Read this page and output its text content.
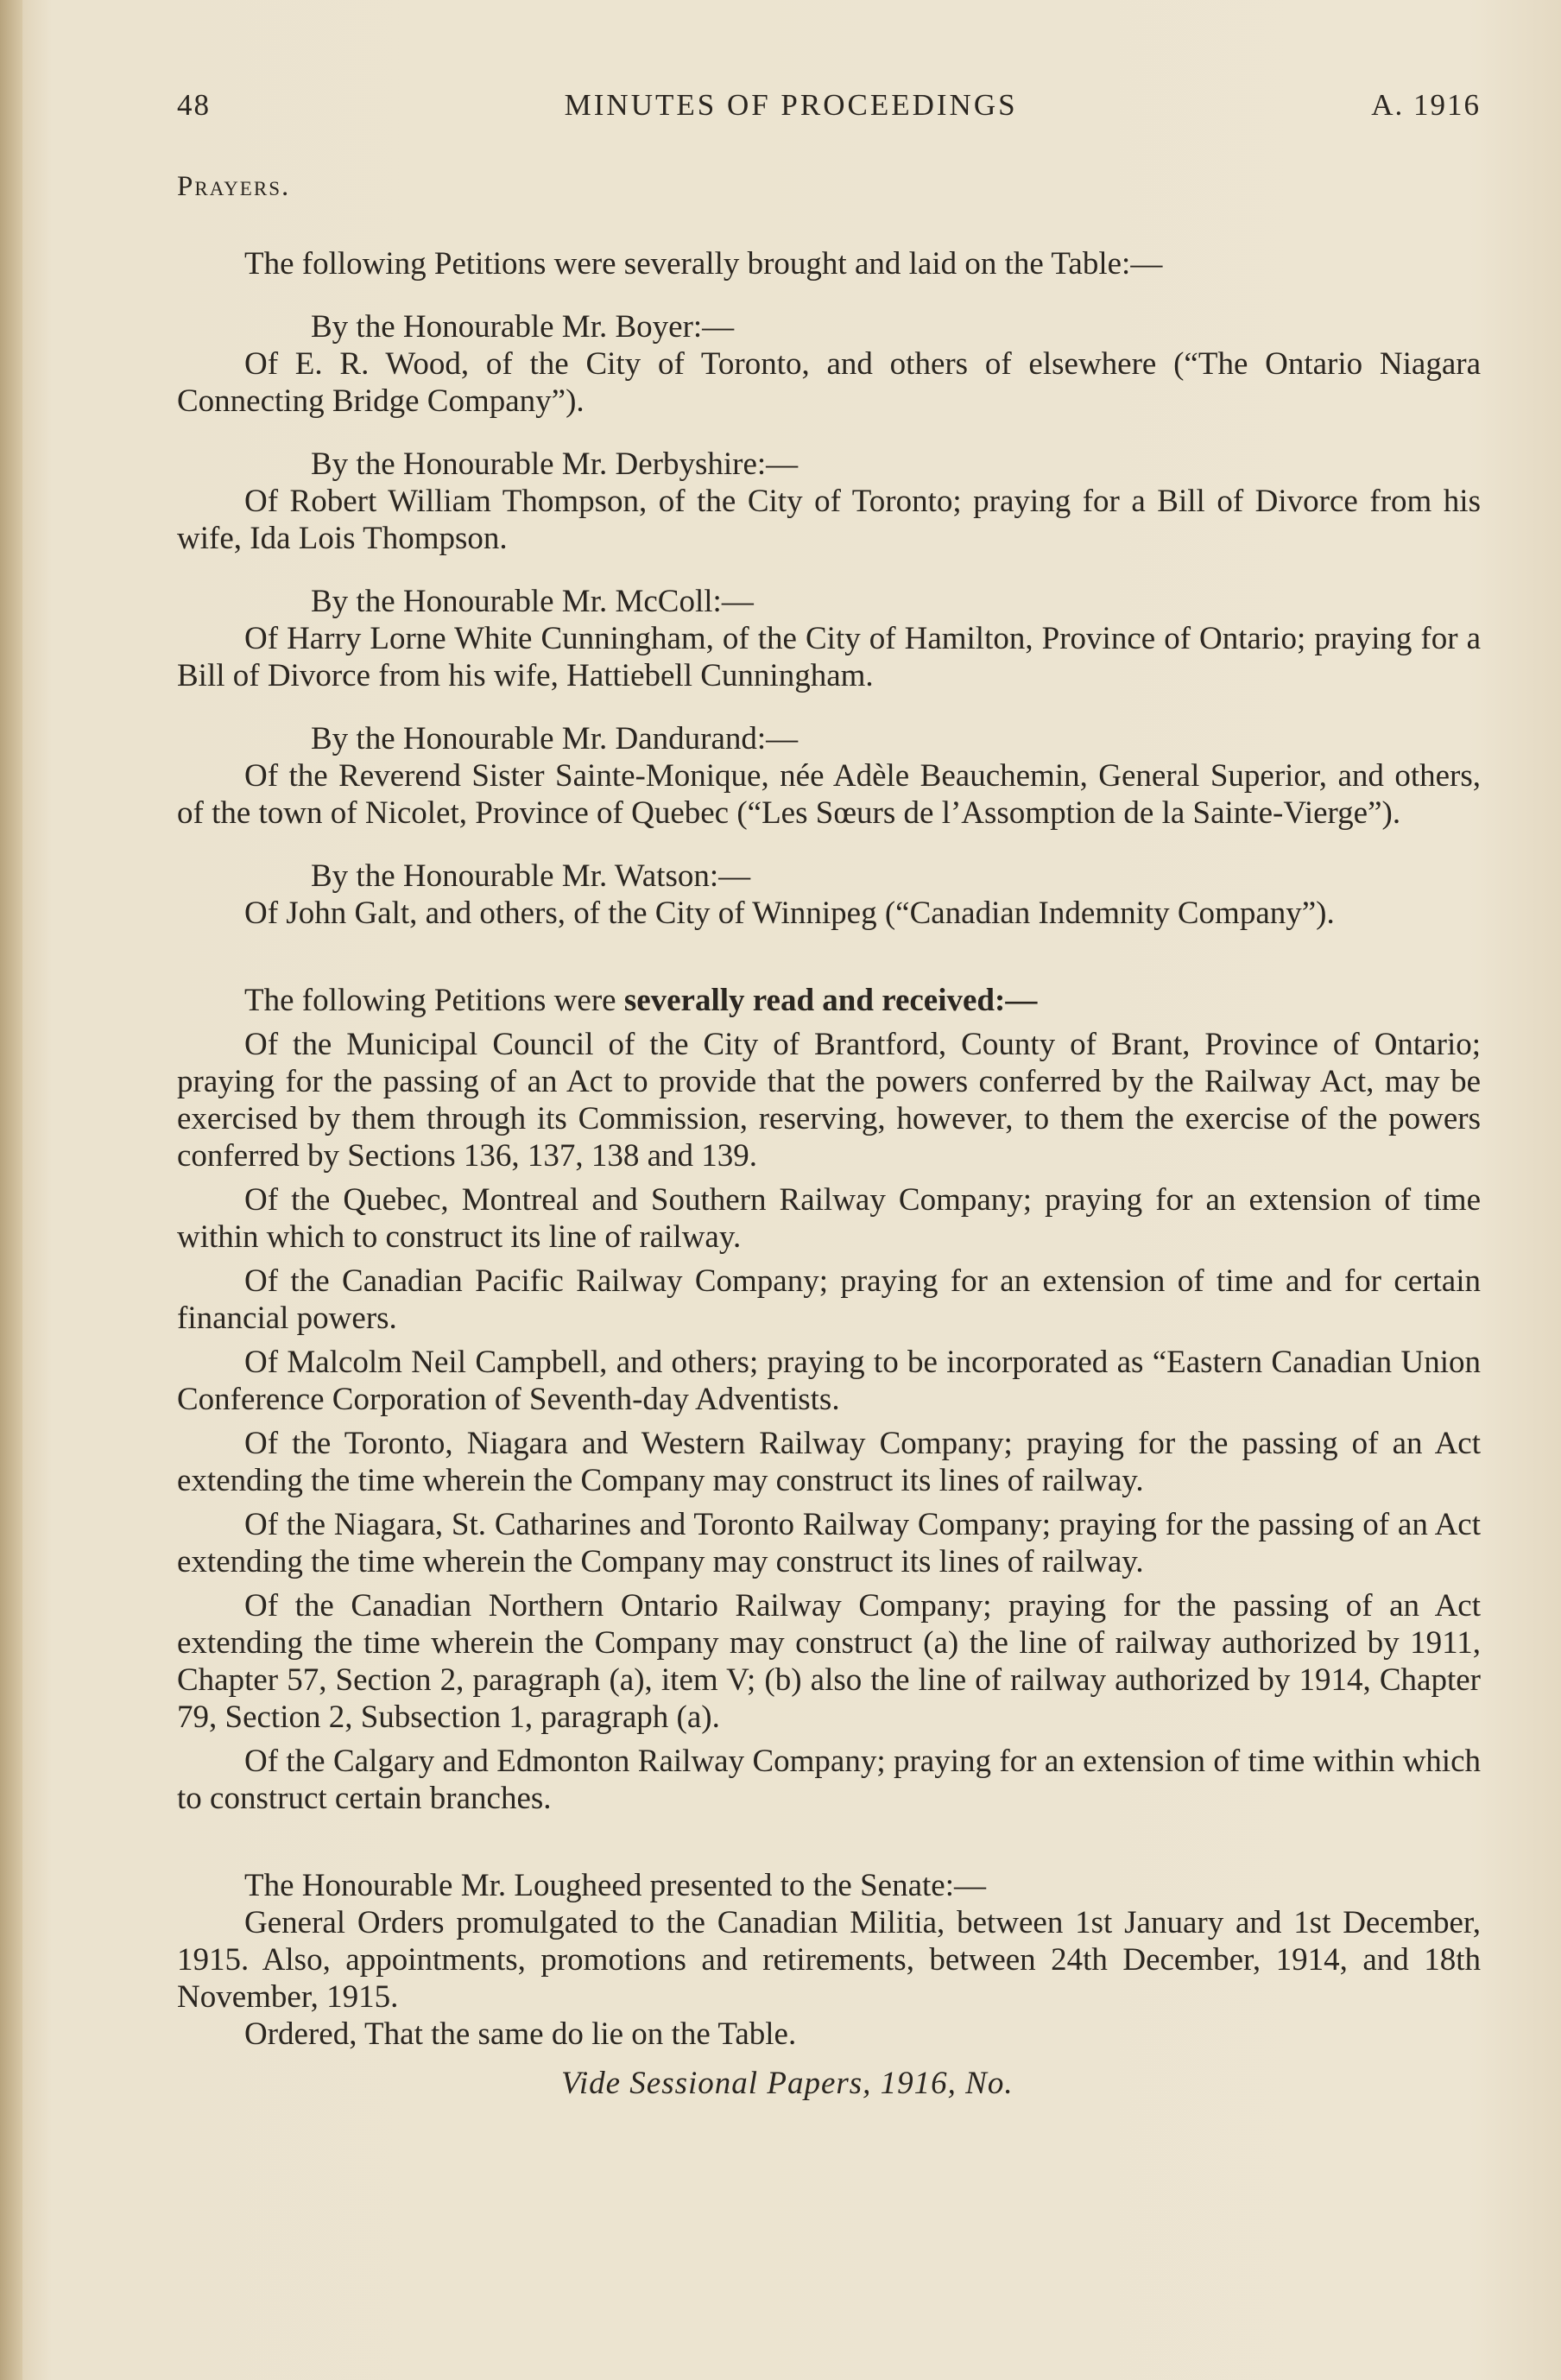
48	MINUTES OF PROCEEDINGS	A. 1916
Prayers.

The following Petitions were severally brought and laid on the Table:—

By the Honourable Mr. Boyer:—

Of E. R. Wood, of the City of Toronto, and others of elsewhere (“The Ontario Niagara Connecting Bridge Company”).

By the Honourable Mr. Derbyshire:—

Of Robert William Thompson, of the City of Toronto; praying for a Bill of Divorce from his wife, Ida Lois Thompson.

By the Honourable Mr. McColl:—

Of Harry Lorne White Cunningham, of the City of Hamilton, Province of Ontario; praying for a Bill of Divorce from his wife, Hattiebell Cunningham.

By the Honourable Mr. Dandurand:—

Of the Reverend Sister Sainte-Monique, née Adèle Beauchemin, General Superior, and others, of the town of Nicolet, Province of Quebec (“Les Sœurs de l’Assomption de la Sainte-Vierge”).

By the Honourable Mr. Watson:—

Of John Galt, and others, of the City of Winnipeg (“Canadian Indemnity Company”).

The following Petitions were severally read and received:—

Of the Municipal Council of the City of Brantford, County of Brant, Province of Ontario; praying for the passing of an Act to provide that the powers conferred by the Railway Act, may be exercised by them through its Commission, reserving, however, to them the exercise of the powers conferred by Sections 136, 137, 138 and 139.

Of the Quebec, Montreal and Southern Railway Company; praying for an extension of time within which to construct its line of railway.

Of the Canadian Pacific Railway Company; praying for an extension of time and for certain financial powers.

Of Malcolm Neil Campbell, and others; praying to be incorporated as “Eastern Canadian Union Conference Corporation of Seventh-day Adventists.

Of the Toronto, Niagara and Western Railway Company; praying for the passing of an Act extending the time wherein the Company may construct its lines of railway.

Of the Niagara, St. Catharines and Toronto Railway Company; praying for the passing of an Act extending the time wherein the Company may construct its lines of railway.

Of the Canadian Northern Ontario Railway Company; praying for the passing of an Act extending the time wherein the Company may construct (a) the line of railway authorized by 1911, Chapter 57, Section 2, paragraph (a), item V; (b) also the line of railway authorized by 1914, Chapter 79, Section 2, Subsection 1, paragraph (a).

Of the Calgary and Edmonton Railway Company; praying for an extension of time within which to construct certain branches.

The Honourable Mr. Lougheed presented to the Senate:—

General Orders promulgated to the Canadian Militia, between 1st January and 1st December, 1915. Also, appointments, promotions and retirements, between 24th December, 1914, and 18th November, 1915.

Ordered, That the same do lie on the Table.

Vide Sessional Papers, 1916, No.
